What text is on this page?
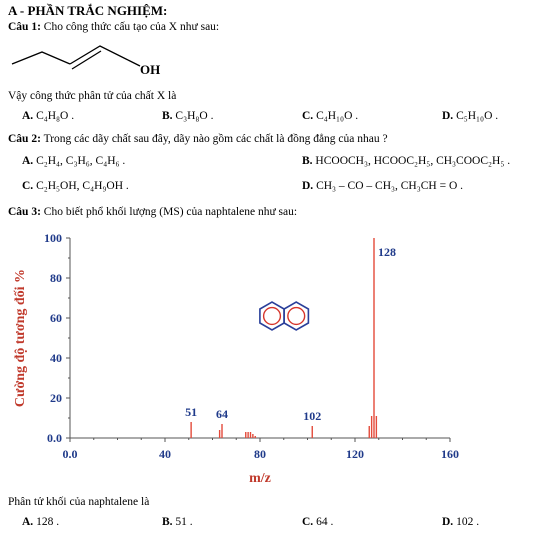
A - PHẦN TRẮC NGHIỆM:
Câu 1: Cho công thức cấu tạo của X như sau:
OH
Vậy công thức phân tử của chất X là
A. C₄H₈O .	B. C₃H₈O .	C. C₄H₁₀O .	D. C₅H₁₀O .
Câu 2: Trong các dãy chất sau đây, dãy nào gồm các chất là đồng đẳng của nhau ?
A. C₂H₄, C₃H₆, C₄H₆ .	B. HCOOCH₃, HCOOC₂H₅, CH₃COOC₂H₅ .
C. C₂H₅OH, C₄H₉OH .	D. CH₃ – CO – CH₃, CH₃CH = O .
Câu 3: Cho biết phổ khối lượng (MS) của naphtalene như sau:
0.0
20
40
60
80
100
0.0	40	80	120	160
51 64	102
128
Cường độ tương đối %
m/z
Phân tử khối của naphtalene là
A. 128 .	B. 51 .	C. 64 .	D. 102 .
